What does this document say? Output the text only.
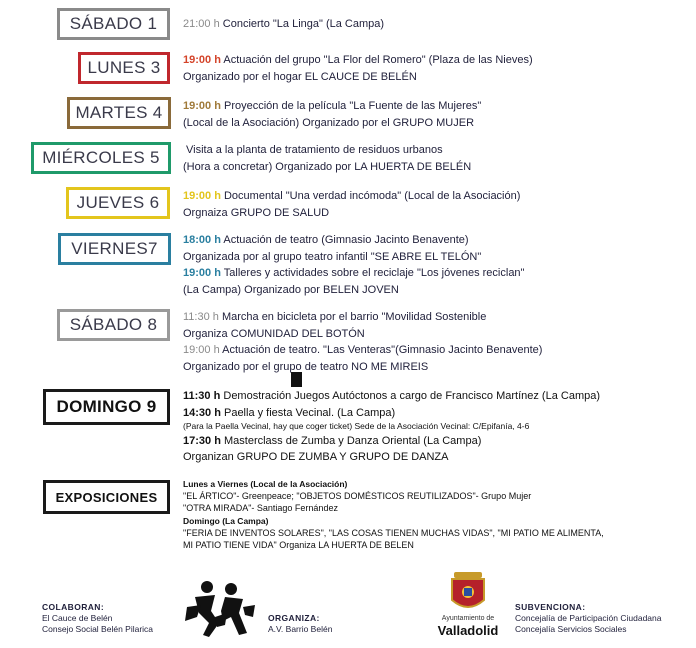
SÁBADO 1
LUNES 3
MARTES 4
MIÉRCOLES 5
JUEVES 6
VIERNES7
SÁBADO 8
DOMINGO 9
EXPOSICIONES
21:00 h Concierto "La Linga" (La Campa)
19:00 h Actuación del grupo "La Flor del Romero" (Plaza de las Nieves)
Organizado por el hogar EL CAUCE DE BELÉN
19:00 h Proyección de la película "La Fuente de las Mujeres"
(Local de la Asociación) Organizado por el GRUPO MUJER
Visita a la planta de tratamiento de residuos urbanos
(Hora a concretar) Organizado por LA HUERTA DE BELÉN
19:00 h Documental "Una verdad incómoda" (Local de la Asociación)
Orgnaiza GRUPO DE SALUD
18:00 h Actuación de teatro (Gimnasio Jacinto Benavente)
Organizada por al grupo teatro infantil "SE ABRE EL TELÓN"
19:00 h Talleres y actividades sobre el reciclaje "Los jóvenes reciclan"
(La Campa) Organizado por BELEN JOVEN
11:30 h Marcha en bicicleta por el barrio "Movilidad Sostenible
Organiza COMUNIDAD DEL BOTÓN
19:00 h Actuación de teatro. "Las Venteras"(Gimnasio Jacinto Benavente)
Organizado por el grupo de teatro NO ME MIREIS
11:30 h Demostración Juegos Autóctonos a cargo de Francisco Martínez (La Campa)
14:30 h Paella y fiesta Vecinal. (La Campa)
(Para la Paella Vecinal, hay que coger ticket) Sede de la Asociación Vecinal: C/Epifanía, 4-6
17:30 h Masterclass de Zumba y Danza Oriental (La Campa)
Organizan GRUPO DE ZUMBA Y GRUPO DE DANZA
Lunes a Viernes (Local de la Asociación)
"EL ÁRTICO"- Greenpeace; "OBJETOS DOMÉSTICOS REUTILIZADOS"- Grupo Mujer
"OTRA MIRADA"- Santiago Fernández
Domingo (La Campa)
"FERIA DE INVENTOS SOLARES", "LAS COSAS TIENEN MUCHAS VIDAS", "MI PATIO ME ALIMENTA,
MI PATIO TIENE VIDA" Organiza LA HUERTA DE BELEN
COLABORAN:
El Cauce de Belén
Consejo Social Belén Pilarica
ORGANIZA:
A.V. Barrio Belén
Ayuntamiento de
Valladolid
SUBVENCIONA:
Concejalía de Participación Ciudadana
Concejalía Servicios Sociales
